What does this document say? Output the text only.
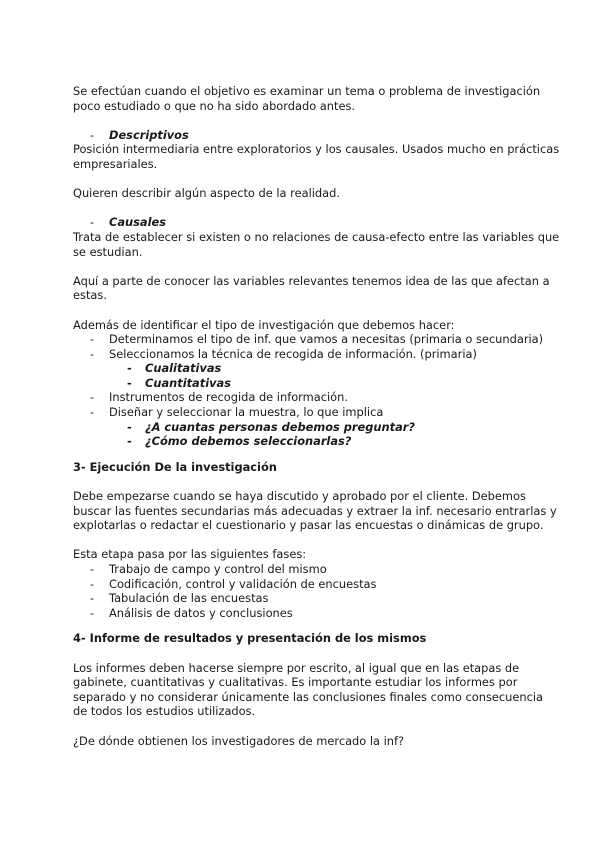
Se efectúan cuando el objetivo es examinar un tema o problema de investigación poco estudiado o que no ha sido abordado antes.

- Descriptivos

Posición intermediaria entre exploratorios y los causales. Usados mucho en prácticas empresariales.

Quieren describir algún aspecto de la realidad.

- Causales

Trata de establecer si existen o no relaciones de causa-efecto entre las variables que se estudian.

Aquí a parte de conocer las variables relevantes tenemos idea de las que afectan a estas.

Además de identificar el tipo de investigación que debemos hacer:

- Determinamos el tipo de inf. que vamos a necesitas (primaria o secundaria)
- Seleccionamos la técnica de recogida de información. (primaria)
- Cualitativas
- Cuantitativas
- Instrumentos de recogida de información.
- Diseñar y seleccionar la muestra, lo que implica
- ¿A cuantas personas debemos preguntar?
- ¿Cómo debemos seleccionarlas?

3- Ejecución De la investigación

Debe empezarse cuando se haya discutido y aprobado por el cliente. Debemos buscar las fuentes secundarias más adecuadas y extraer la inf. necesario entrarlas y explotarlas o redactar el cuestionario y pasar las encuestas o dinámicas de grupo.

Esta etapa pasa por las siguientes fases:

- Trabajo de campo y control del mismo
- Codificación, control y validación de encuestas
- Tabulación de las encuestas
- Análisis de datos y conclusiones

4- Informe de resultados y presentación de los mismos

Los informes deben hacerse siempre por escrito, al igual que en las etapas de gabinete, cuantitativas y cualitativas. Es importante estudiar los informes por separado y no considerar únicamente las conclusiones finales como consecuencia de todos los estudios utilizados.

¿De dónde obtienen los investigadores de mercado la inf?
